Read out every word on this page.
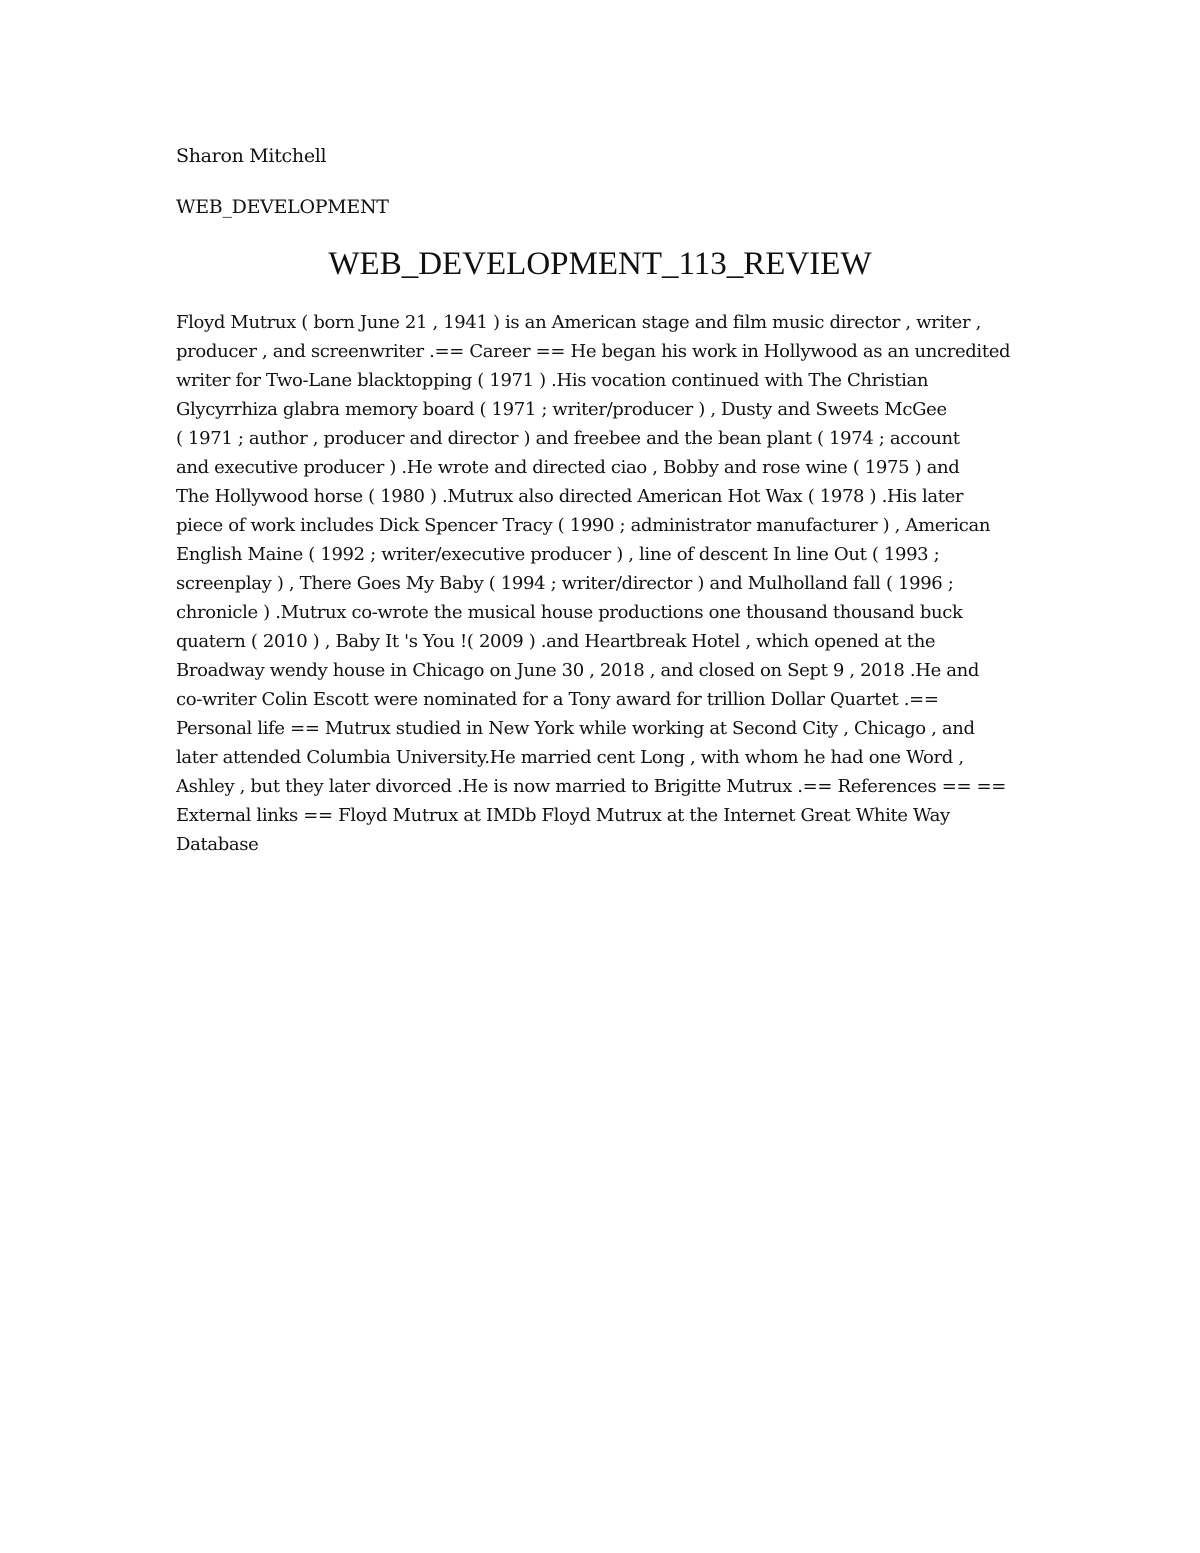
Sharon Mitchell
WEB_DEVELOPMENT
WEB_DEVELOPMENT_113_REVIEW
Floyd Mutrux ( born June 21 , 1941 ) is an American stage and film music director , writer ,
producer , and screenwriter .== Career == He began his work in Hollywood as an uncredited
writer for Two-Lane blacktopping ( 1971 ) .His vocation continued with The Christian
Glycyrrhiza glabra memory board ( 1971 ; writer/producer ) , Dusty and Sweets McGee
( 1971 ; author , producer and director ) and freebee and the bean plant ( 1974 ; account
and executive producer ) .He wrote and directed ciao , Bobby and rose wine ( 1975 ) and
The Hollywood horse ( 1980 ) .Mutrux also directed American Hot Wax ( 1978 ) .His later
piece of work includes Dick Spencer Tracy ( 1990 ; administrator manufacturer ) , American
English Maine ( 1992 ; writer/executive producer ) , line of descent In line Out ( 1993 ;
screenplay ) , There Goes My Baby ( 1994 ; writer/director ) and Mulholland fall ( 1996 ;
chronicle ) .Mutrux co-wrote the musical house productions one thousand thousand buck
quatern ( 2010 ) , Baby It 's You !( 2009 ) .and Heartbreak Hotel , which opened at the
Broadway wendy house in Chicago on June 30 , 2018 , and closed on Sept 9 , 2018 .He and
co-writer Colin Escott were nominated for a Tony award for trillion Dollar Quartet .==
Personal life == Mutrux studied in New York while working at Second City , Chicago , and
later attended Columbia University.He married cent Long , with whom he had one Word ,
Ashley , but they later divorced .He is now married to Brigitte Mutrux .== References == ==
External links == Floyd Mutrux at IMDb Floyd Mutrux at the Internet Great White Way
Database
